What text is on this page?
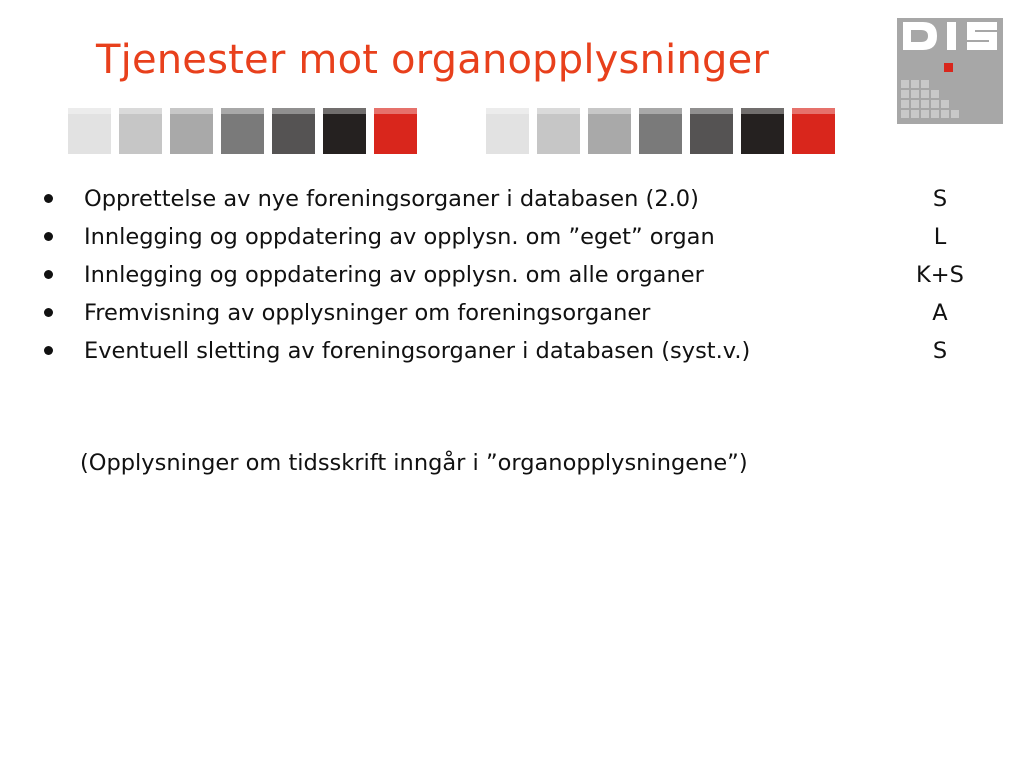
Tjenester mot organopplysninger
Opprettelse av nye foreningsorganer i databasen (2.0)	S
Innlegging og oppdatering av opplysn. om ”eget” organ	L
Innlegging og oppdatering av opplysn. om alle organer	K+S
Fremvisning av opplysninger om foreningsorganer	A
Eventuell sletting av foreningsorganer i databasen (syst.v.)	S

(Opplysninger om tidsskrift inngår i ”organopplysningene”)
